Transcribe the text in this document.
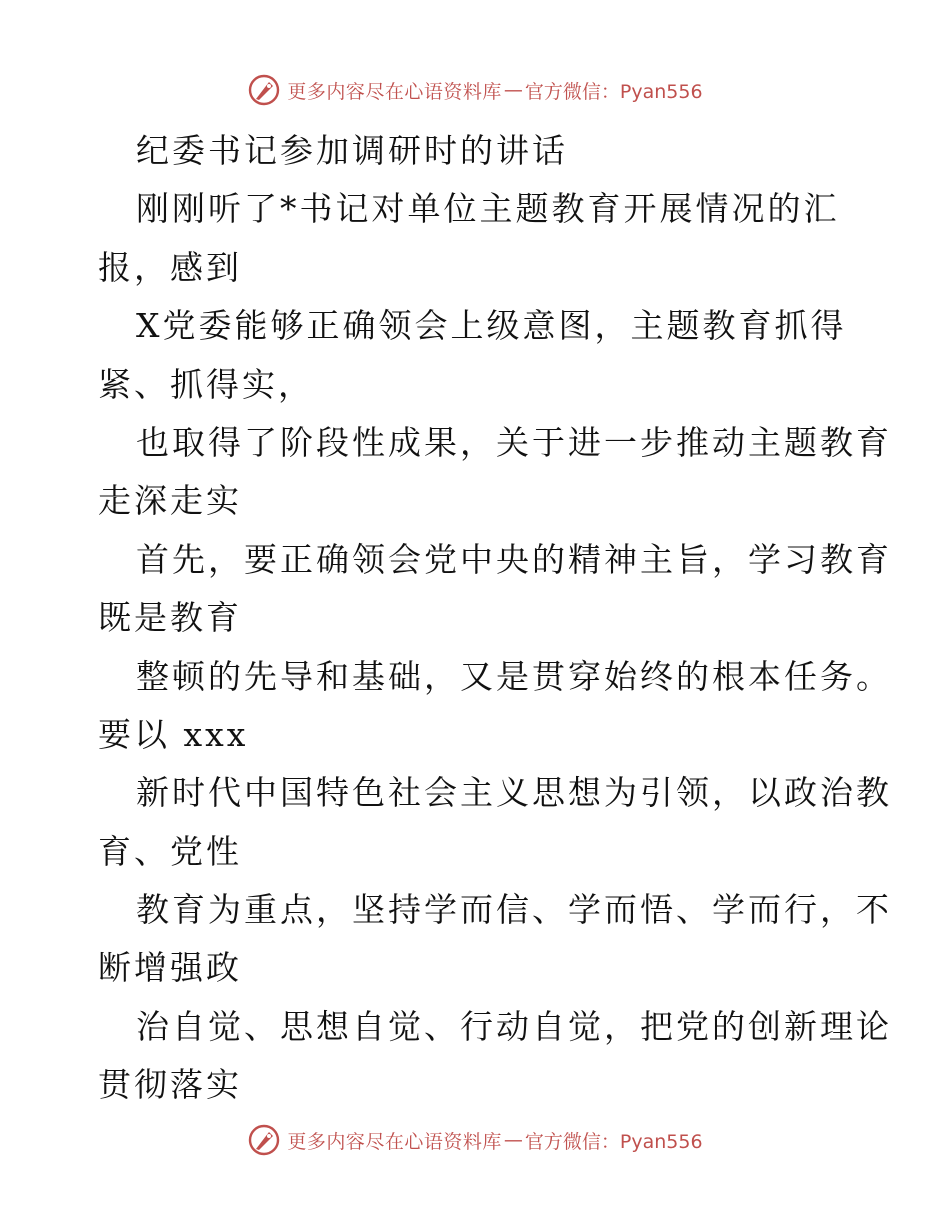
更多内容尽在心语资料库 — 官方微信：Pyan556
纪委书记参加调研时的讲话
刚刚听了*书记对单位主题教育开展情况的汇
报，感到
X党委能够正确领会上级意图，主题教育抓得
紧、抓得实，
也取得了阶段性成果，关于进一步推动主题教育
走深走实
首先，要正确领会党中央的精神主旨，学习教育
既是教育
整顿的先导和基础，又是贯穿始终的根本任务。
要以 xxx
新时代中国特色社会主义思想为引领，以政治教
育、党性
教育为重点，坚持学而信、学而悟、学而行，不
断增强政
治自觉、思想自觉、行动自觉，把党的创新理论
贯彻落实
更多内容尽在心语资料库 — 官方微信：Pyan556
